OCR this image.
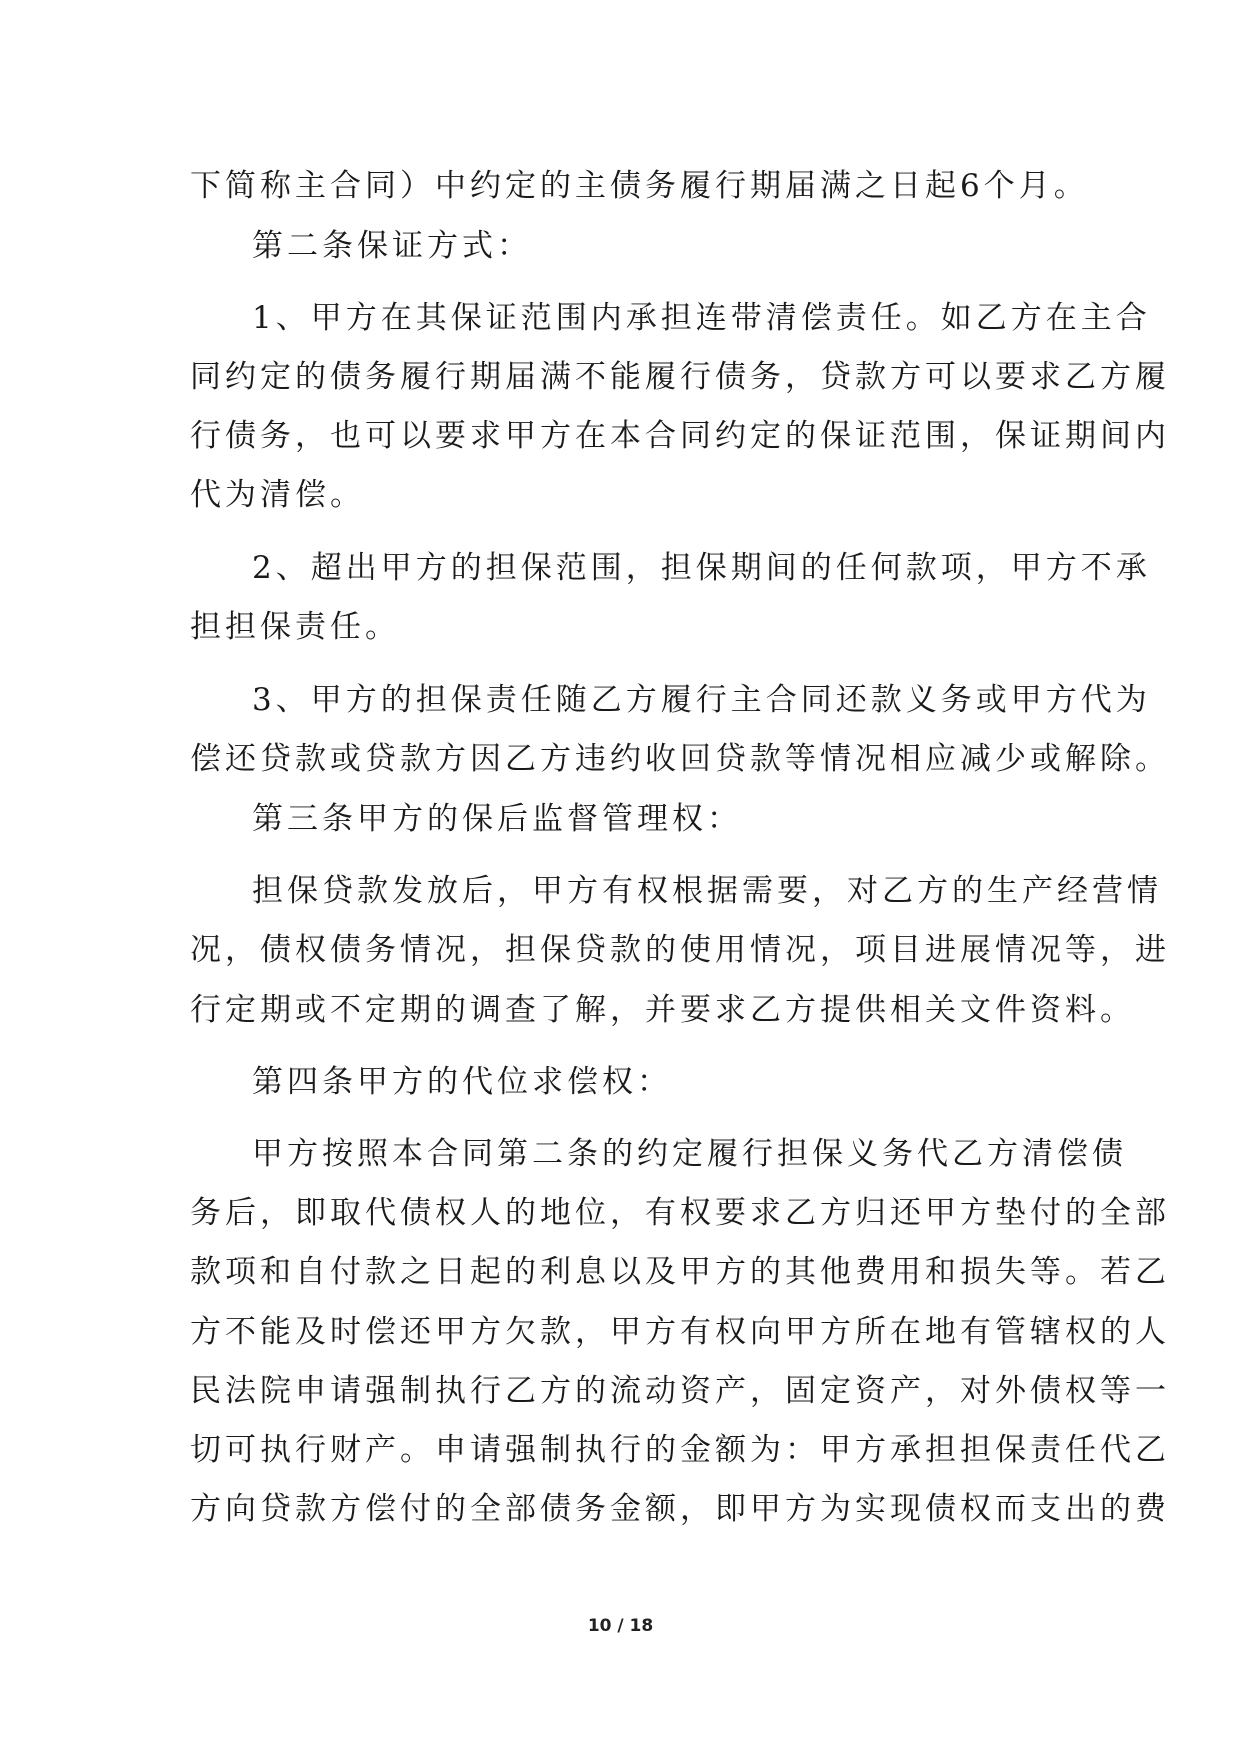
下简称主合同）中约定的主债务履行期届满之日起6个月。
第二条保证方式：
1、甲方在其保证范围内承担连带清偿责任。如乙方在主合
同约定的债务履行期届满不能履行债务，贷款方可以要求乙方履
行债务，也可以要求甲方在本合同约定的保证范围，保证期间内
代为清偿。
2、超出甲方的担保范围，担保期间的任何款项，甲方不承
担担保责任。
3、甲方的担保责任随乙方履行主合同还款义务或甲方代为
偿还贷款或贷款方因乙方违约收回贷款等情况相应减少或解除。
第三条甲方的保后监督管理权：
担保贷款发放后，甲方有权根据需要，对乙方的生产经营情
况，债权债务情况，担保贷款的使用情况，项目进展情况等，进
行定期或不定期的调查了解，并要求乙方提供相关文件资料。
第四条甲方的代位求偿权：
甲方按照本合同第二条的约定履行担保义务代乙方清偿债
务后，即取代债权人的地位，有权要求乙方归还甲方垫付的全部
款项和自付款之日起的利息以及甲方的其他费用和损失等。若乙
方不能及时偿还甲方欠款，甲方有权向甲方所在地有管辖权的人
民法院申请强制执行乙方的流动资产，固定资产，对外债权等一
切可执行财产。申请强制执行的金额为：甲方承担担保责任代乙
方向贷款方偿付的全部债务金额，即甲方为实现债权而支出的费
10 / 18
